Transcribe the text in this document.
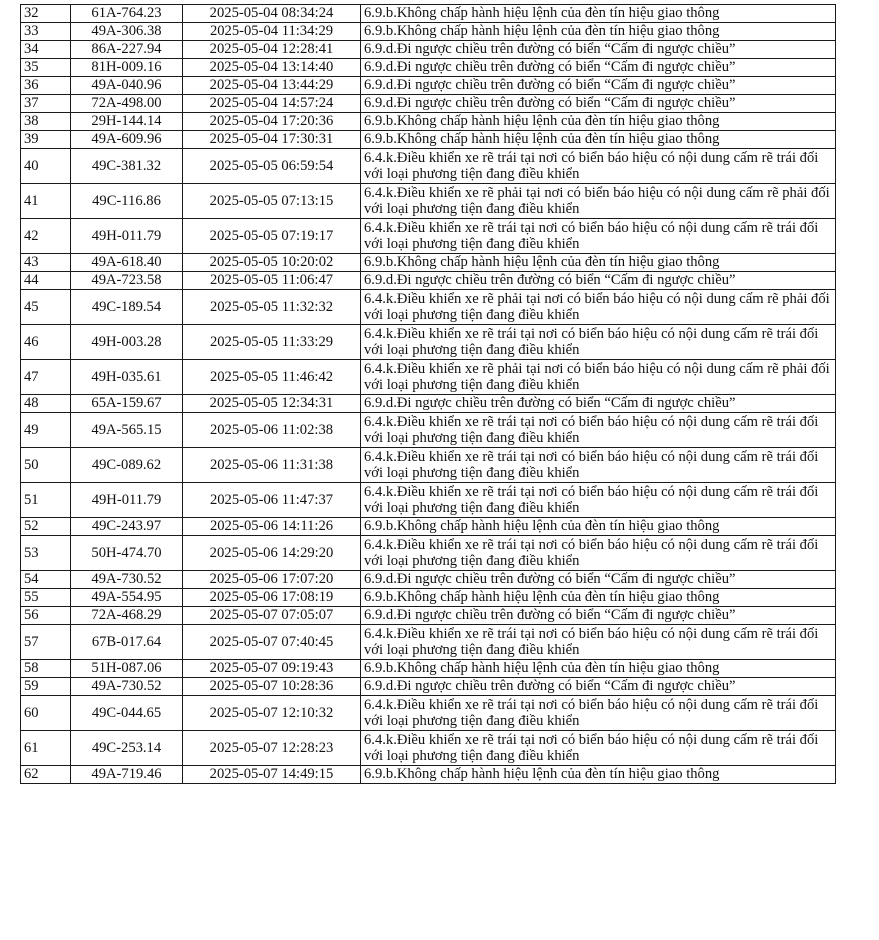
32	61A-764.23	2025-05-04 08:34:24	6.9.b.Không chấp hành hiệu lệnh của đèn tín hiệu giao thông
33	49A-306.38	2025-05-04 11:34:29	6.9.b.Không chấp hành hiệu lệnh của đèn tín hiệu giao thông
34	86A-227.94	2025-05-04 12:28:41	6.9.d.Đi ngược chiều trên đường có biển “Cấm đi ngược chiều”
35	81H-009.16	2025-05-04 13:14:40	6.9.d.Đi ngược chiều trên đường có biển “Cấm đi ngược chiều”
36	49A-040.96	2025-05-04 13:44:29	6.9.d.Đi ngược chiều trên đường có biển “Cấm đi ngược chiều”
37	72A-498.00	2025-05-04 14:57:24	6.9.d.Đi ngược chiều trên đường có biển “Cấm đi ngược chiều”
38	29H-144.14	2025-05-04 17:20:36	6.9.b.Không chấp hành hiệu lệnh của đèn tín hiệu giao thông
39	49A-609.96	2025-05-04 17:30:31	6.9.b.Không chấp hành hiệu lệnh của đèn tín hiệu giao thông
40	49C-381.32	2025-05-05 06:59:54	6.4.k.Điều khiển xe rẽ trái tại nơi có biển báo hiệu có nội dung cấm rẽ trái đối với loại phương tiện đang điều khiển
41	49C-116.86	2025-05-05 07:13:15	6.4.k.Điều khiển xe rẽ phải tại nơi có biển báo hiệu có nội dung cấm rẽ phải đối với loại phương tiện đang điều khiển
42	49H-011.79	2025-05-05 07:19:17	6.4.k.Điều khiển xe rẽ trái tại nơi có biển báo hiệu có nội dung cấm rẽ trái đối với loại phương tiện đang điều khiển
43	49A-618.40	2025-05-05 10:20:02	6.9.b.Không chấp hành hiệu lệnh của đèn tín hiệu giao thông
44	49A-723.58	2025-05-05 11:06:47	6.9.d.Đi ngược chiều trên đường có biển “Cấm đi ngược chiều”
45	49C-189.54	2025-05-05 11:32:32	6.4.k.Điều khiển xe rẽ phải tại nơi có biển báo hiệu có nội dung cấm rẽ phải đối với loại phương tiện đang điều khiển
46	49H-003.28	2025-05-05 11:33:29	6.4.k.Điều khiển xe rẽ trái tại nơi có biển báo hiệu có nội dung cấm rẽ trái đối với loại phương tiện đang điều khiển
47	49H-035.61	2025-05-05 11:46:42	6.4.k.Điều khiển xe rẽ phải tại nơi có biển báo hiệu có nội dung cấm rẽ phải đối với loại phương tiện đang điều khiển
48	65A-159.67	2025-05-05 12:34:31	6.9.d.Đi ngược chiều trên đường có biển “Cấm đi ngược chiều”
49	49A-565.15	2025-05-06 11:02:38	6.4.k.Điều khiển xe rẽ trái tại nơi có biển báo hiệu có nội dung cấm rẽ trái đối với loại phương tiện đang điều khiển
50	49C-089.62	2025-05-06 11:31:38	6.4.k.Điều khiển xe rẽ trái tại nơi có biển báo hiệu có nội dung cấm rẽ trái đối với loại phương tiện đang điều khiển
51	49H-011.79	2025-05-06 11:47:37	6.4.k.Điều khiển xe rẽ trái tại nơi có biển báo hiệu có nội dung cấm rẽ trái đối với loại phương tiện đang điều khiển
52	49C-243.97	2025-05-06 14:11:26	6.9.b.Không chấp hành hiệu lệnh của đèn tín hiệu giao thông
53	50H-474.70	2025-05-06 14:29:20	6.4.k.Điều khiển xe rẽ trái tại nơi có biển báo hiệu có nội dung cấm rẽ trái đối với loại phương tiện đang điều khiển
54	49A-730.52	2025-05-06 17:07:20	6.9.d.Đi ngược chiều trên đường có biển “Cấm đi ngược chiều”
55	49A-554.95	2025-05-06 17:08:19	6.9.b.Không chấp hành hiệu lệnh của đèn tín hiệu giao thông
56	72A-468.29	2025-05-07 07:05:07	6.9.d.Đi ngược chiều trên đường có biển “Cấm đi ngược chiều”
57	67B-017.64	2025-05-07 07:40:45	6.4.k.Điều khiển xe rẽ trái tại nơi có biển báo hiệu có nội dung cấm rẽ trái đối với loại phương tiện đang điều khiển
58	51H-087.06	2025-05-07 09:19:43	6.9.b.Không chấp hành hiệu lệnh của đèn tín hiệu giao thông
59	49A-730.52	2025-05-07 10:28:36	6.9.d.Đi ngược chiều trên đường có biển “Cấm đi ngược chiều”
60	49C-044.65	2025-05-07 12:10:32	6.4.k.Điều khiển xe rẽ trái tại nơi có biển báo hiệu có nội dung cấm rẽ trái đối với loại phương tiện đang điều khiển
61	49C-253.14	2025-05-07 12:28:23	6.4.k.Điều khiển xe rẽ trái tại nơi có biển báo hiệu có nội dung cấm rẽ trái đối với loại phương tiện đang điều khiển
62	49A-719.46	2025-05-07 14:49:15	6.9.b.Không chấp hành hiệu lệnh của đèn tín hiệu giao thông
